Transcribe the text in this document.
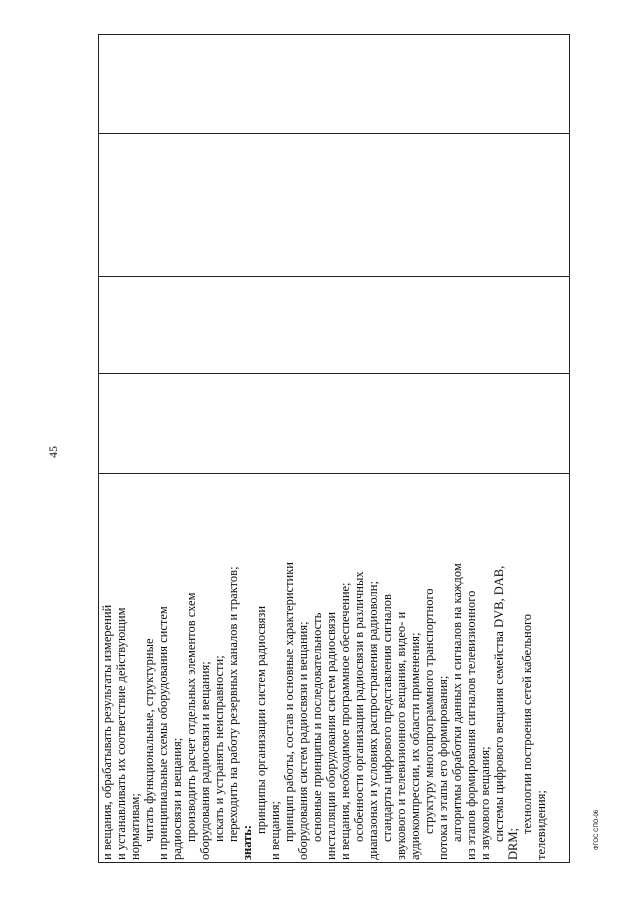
45
и вещания, обрабатывать результаты измерений и устанавливать их соответствие действующим нормативам; читать функциональные, структурные и принципиальные схемы оборудования систем радиосвязи и вещания; производить расчет отдельных элементов схем оборудования радиосвязи и вещания; искать и устранять неисправности; переходить на работу резервных каналов и трактов;
знать:
принципы организации систем радиосвязи и вещания; принцип работы, состав и основные характеристики оборудования систем радиосвязи и вещания; основные принципы и последовательность инсталляции оборудования систем радиосвязи и вещания, необходимое программное обеспечение; особенности организации радиосвязи в различных диапазонах и условиях распространения радиоволн; стандарты цифрового представления сигналов звукового и телевизионного вещания, видео- и аудиокомпрессии, их области применения; структуру многопрограммного транспортного потока и этапы его формирования; алгоритмы обработки данных и сигналов на каждом из этапов формирования сигналов телевизионного и звукового вещания; системы цифрового вещания семейства DVB, DAB,
DRM;
технологии построения сетей кабельного телевидения;	ФГОС СПО-06
